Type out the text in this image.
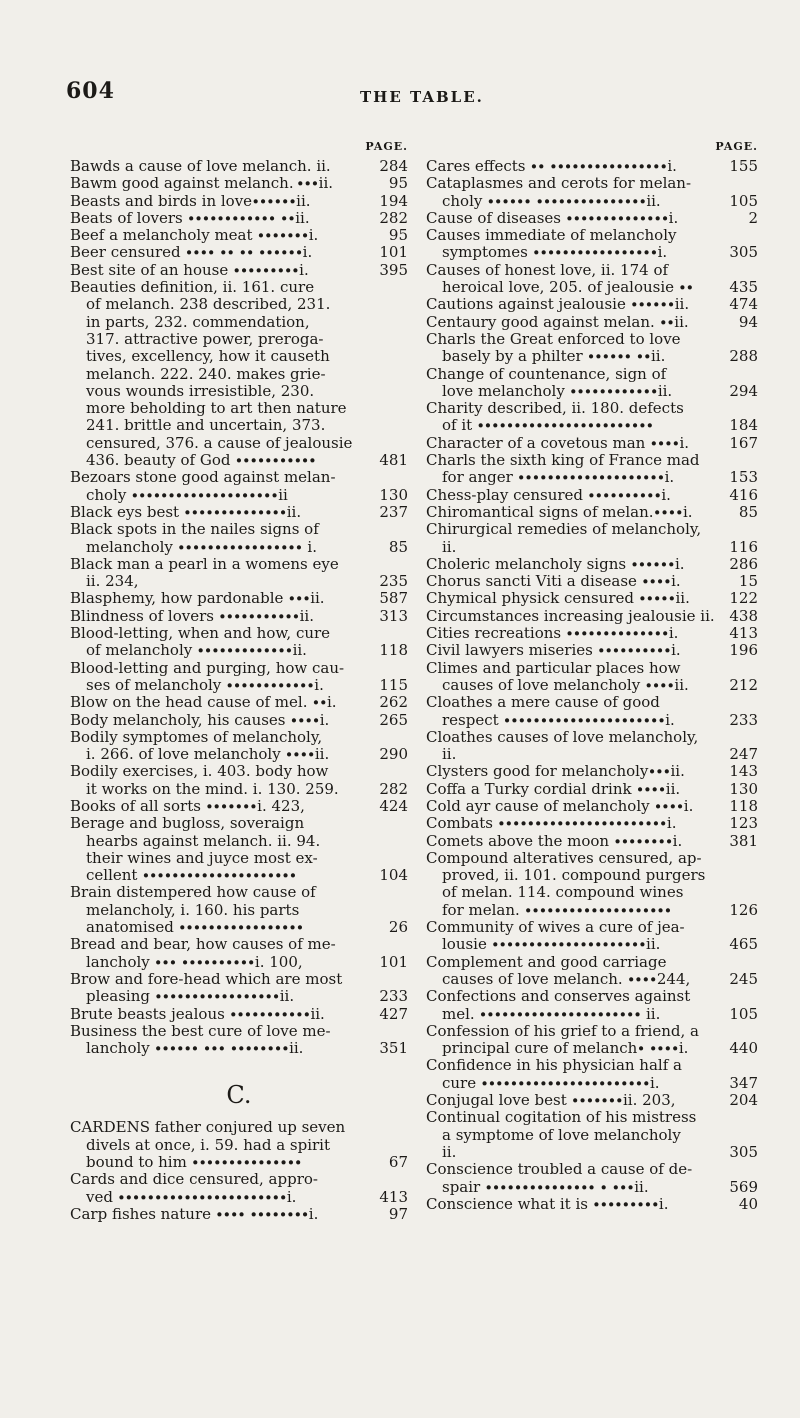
604	THE TABLE.
PAGE.
Bawds a cause of love melanch. ii.	284
Bawm good against melanch. ∙∙∙ii.	95
Beasts and birds in love∙∙∙∙∙∙ii.	194
Beats of lovers ∙∙∙∙∙∙∙∙∙∙∙∙ ∙∙ii.	282
Beef a melancholy meat ∙∙∙∙∙∙∙i.	95
Beer censured ∙∙∙∙ ∙∙ ∙∙ ∙∙∙∙∙∙i.	101
Best site of an house ∙∙∙∙∙∙∙∙∙i.	395
Beauties definition, ii. 161. cure
of melanch. 238 described, 231.
in parts, 232. commendation,
317. attractive power, preroga-
tives, excellency, how it causeth
melanch. 222. 240. makes grie-
vous wounds irresistible, 230.
more beholding to art then nature
241. brittle and uncertain, 373.
censured, 376. a cause of jealousie
436. beauty of God ∙∙∙∙∙∙∙∙∙∙∙	481
Bezoars stone good against melan-
choly ∙∙∙∙∙∙∙∙∙∙∙∙∙∙∙∙∙∙∙∙ii	130
Black eys best ∙∙∙∙∙∙∙∙∙∙∙∙∙∙ii.	237
Black spots in the nailes signs of
melancholy ∙∙∙∙∙∙∙∙∙∙∙∙∙∙∙∙∙ i.	85
Black man a pearl in a womens eye
ii. 234,	235
Blasphemy, how pardonable ∙∙∙ii.	587
Blindness of lovers ∙∙∙∙∙∙∙∙∙∙∙ii.	313
Blood-letting, when and how, cure
of melancholy ∙∙∙∙∙∙∙∙∙∙∙∙∙ii.	118
Blood-letting and purging, how cau-
ses of melancholy ∙∙∙∙∙∙∙∙∙∙∙∙i.	115
Blow on the head cause of mel. ∙∙i.	262
Body melancholy, his causes ∙∙∙∙i.	265
Bodily symptomes of melancholy,
i. 266. of love melancholy ∙∙∙∙ii.	290
Bodily exercises, i. 403. body how
it works on the mind. i. 130. 259.	282
Books of all sorts ∙∙∙∙∙∙∙i. 423,	424
Berage and bugloss, soveraign
hearbs against melanch. ii. 94.
their wines and juyce most ex-
cellent ∙∙∙∙∙∙∙∙∙∙∙∙∙∙∙∙∙∙∙∙∙	104
Brain distempered how cause of
melancholy, i. 160. his parts
anatomised ∙∙∙∙∙∙∙∙∙∙∙∙∙∙∙∙∙	26
Bread and bear, how causes of me-
lancholy ∙∙∙ ∙∙∙∙∙∙∙∙∙∙i. 100,	101
Brow and fore-head which are most
pleasing ∙∙∙∙∙∙∙∙∙∙∙∙∙∙∙∙∙ii.	233
Brute beasts jealous ∙∙∙∙∙∙∙∙∙∙∙ii.	427
Business the best cure of love me-
lancholy ∙∙∙∙∙∙ ∙∙∙ ∙∙∙∙∙∙∙∙ii.	351
C.
CARDENS father conjured up seven
divels at once, i. 59. had a spirit
bound to him ∙∙∙∙∙∙∙∙∙∙∙∙∙∙∙	67
Cards and dice censured, appro-
ved ∙∙∙∙∙∙∙∙∙∙∙∙∙∙∙∙∙∙∙∙∙∙∙i.	413
Carp fishes nature ∙∙∙∙ ∙∙∙∙∙∙∙∙i.	97
PAGE.
Cares effects ∙∙ ∙∙∙∙∙∙∙∙∙∙∙∙∙∙∙∙i.	155
Cataplasmes and cerots for melan-
choly ∙∙∙∙∙∙ ∙∙∙∙∙∙∙∙∙∙∙∙∙∙∙ii.	105
Cause of diseases ∙∙∙∙∙∙∙∙∙∙∙∙∙∙i.	2
Causes immediate of melancholy
symptomes ∙∙∙∙∙∙∙∙∙∙∙∙∙∙∙∙∙i.	305
Causes of honest love, ii. 174 of
heroical love, 205. of jealousie ∙∙	435
Cautions against jealousie ∙∙∙∙∙∙ii.	474
Centaury good against melan. ∙∙ii.	94
Charls the Great enforced to love
basely by a philter ∙∙∙∙∙∙ ∙∙ii.	288
Change of countenance, sign of
love melancholy ∙∙∙∙∙∙∙∙∙∙∙∙ii.	294
Charity described, ii. 180. defects
of it ∙∙∙∙∙∙∙∙∙∙∙∙∙∙∙∙∙∙∙∙∙∙∙∙	184
Character of a covetous man ∙∙∙∙i.	167
Charls the sixth king of France mad
for anger ∙∙∙∙∙∙∙∙∙∙∙∙∙∙∙∙∙∙∙∙i.	153
Chess-play censured ∙∙∙∙∙∙∙∙∙∙i.	416
Chiromantical signs of melan.∙∙∙∙i.	85
Chirurgical remedies of melancholy,
ii.	116
Choleric melancholy signs ∙∙∙∙∙∙i.	286
Chorus sancti Viti a disease ∙∙∙∙i.	15
Chymical physick censured ∙∙∙∙∙ii.	122
Circumstances increasing jealousie ii. 438
Cities recreations ∙∙∙∙∙∙∙∙∙∙∙∙∙∙i.	413
Civil lawyers miseries ∙∙∙∙∙∙∙∙∙∙i.	196
Climes and particular places how
causes of love melancholy ∙∙∙∙ii.	212
Cloathes a mere cause of good
respect ∙∙∙∙∙∙∙∙∙∙∙∙∙∙∙∙∙∙∙∙∙∙i.	233
Cloathes causes of love melancholy,
ii.	247
Clysters good for melancholy∙∙∙ii.	143
Coffa a Turky cordial drink ∙∙∙∙ii.	130
Cold ayr cause of melancholy ∙∙∙∙i.	118
Combats ∙∙∙∙∙∙∙∙∙∙∙∙∙∙∙∙∙∙∙∙∙∙∙i.	123
Comets above the moon ∙∙∙∙∙∙∙∙i.	381
Compound alteratives censured, ap-
proved, ii. 101. compound purgers
of melan. 114. compound wines
for melan. ∙∙∙∙∙∙∙∙∙∙∙∙∙∙∙∙∙∙∙∙	126
Community of wives a cure of jea-
lousie ∙∙∙∙∙∙∙∙∙∙∙∙∙∙∙∙∙∙∙∙∙ii.	465
Complement and good carriage
causes of love melanch. ∙∙∙∙244,	245
Confections and conserves against
mel. ∙∙∙∙∙∙∙∙∙∙∙∙∙∙∙∙∙∙∙∙∙∙ ii.	105
Confession of his grief to a friend, a
principal cure of melanch∙ ∙∙∙∙i.	440
Confidence in his physician half a
cure ∙∙∙∙∙∙∙∙∙∙∙∙∙∙∙∙∙∙∙∙∙∙∙i.	347
Conjugal love best ∙∙∙∙∙∙∙ii. 203,	204
Continual cogitation of his mistress
a symptome of love melancholy
ii.	305
Conscience troubled a cause of de-
spair ∙∙∙∙∙∙∙∙∙∙∙∙∙∙∙ ∙ ∙∙∙ii.	569
Conscience what it is ∙∙∙∙∙∙∙∙∙i.	40
